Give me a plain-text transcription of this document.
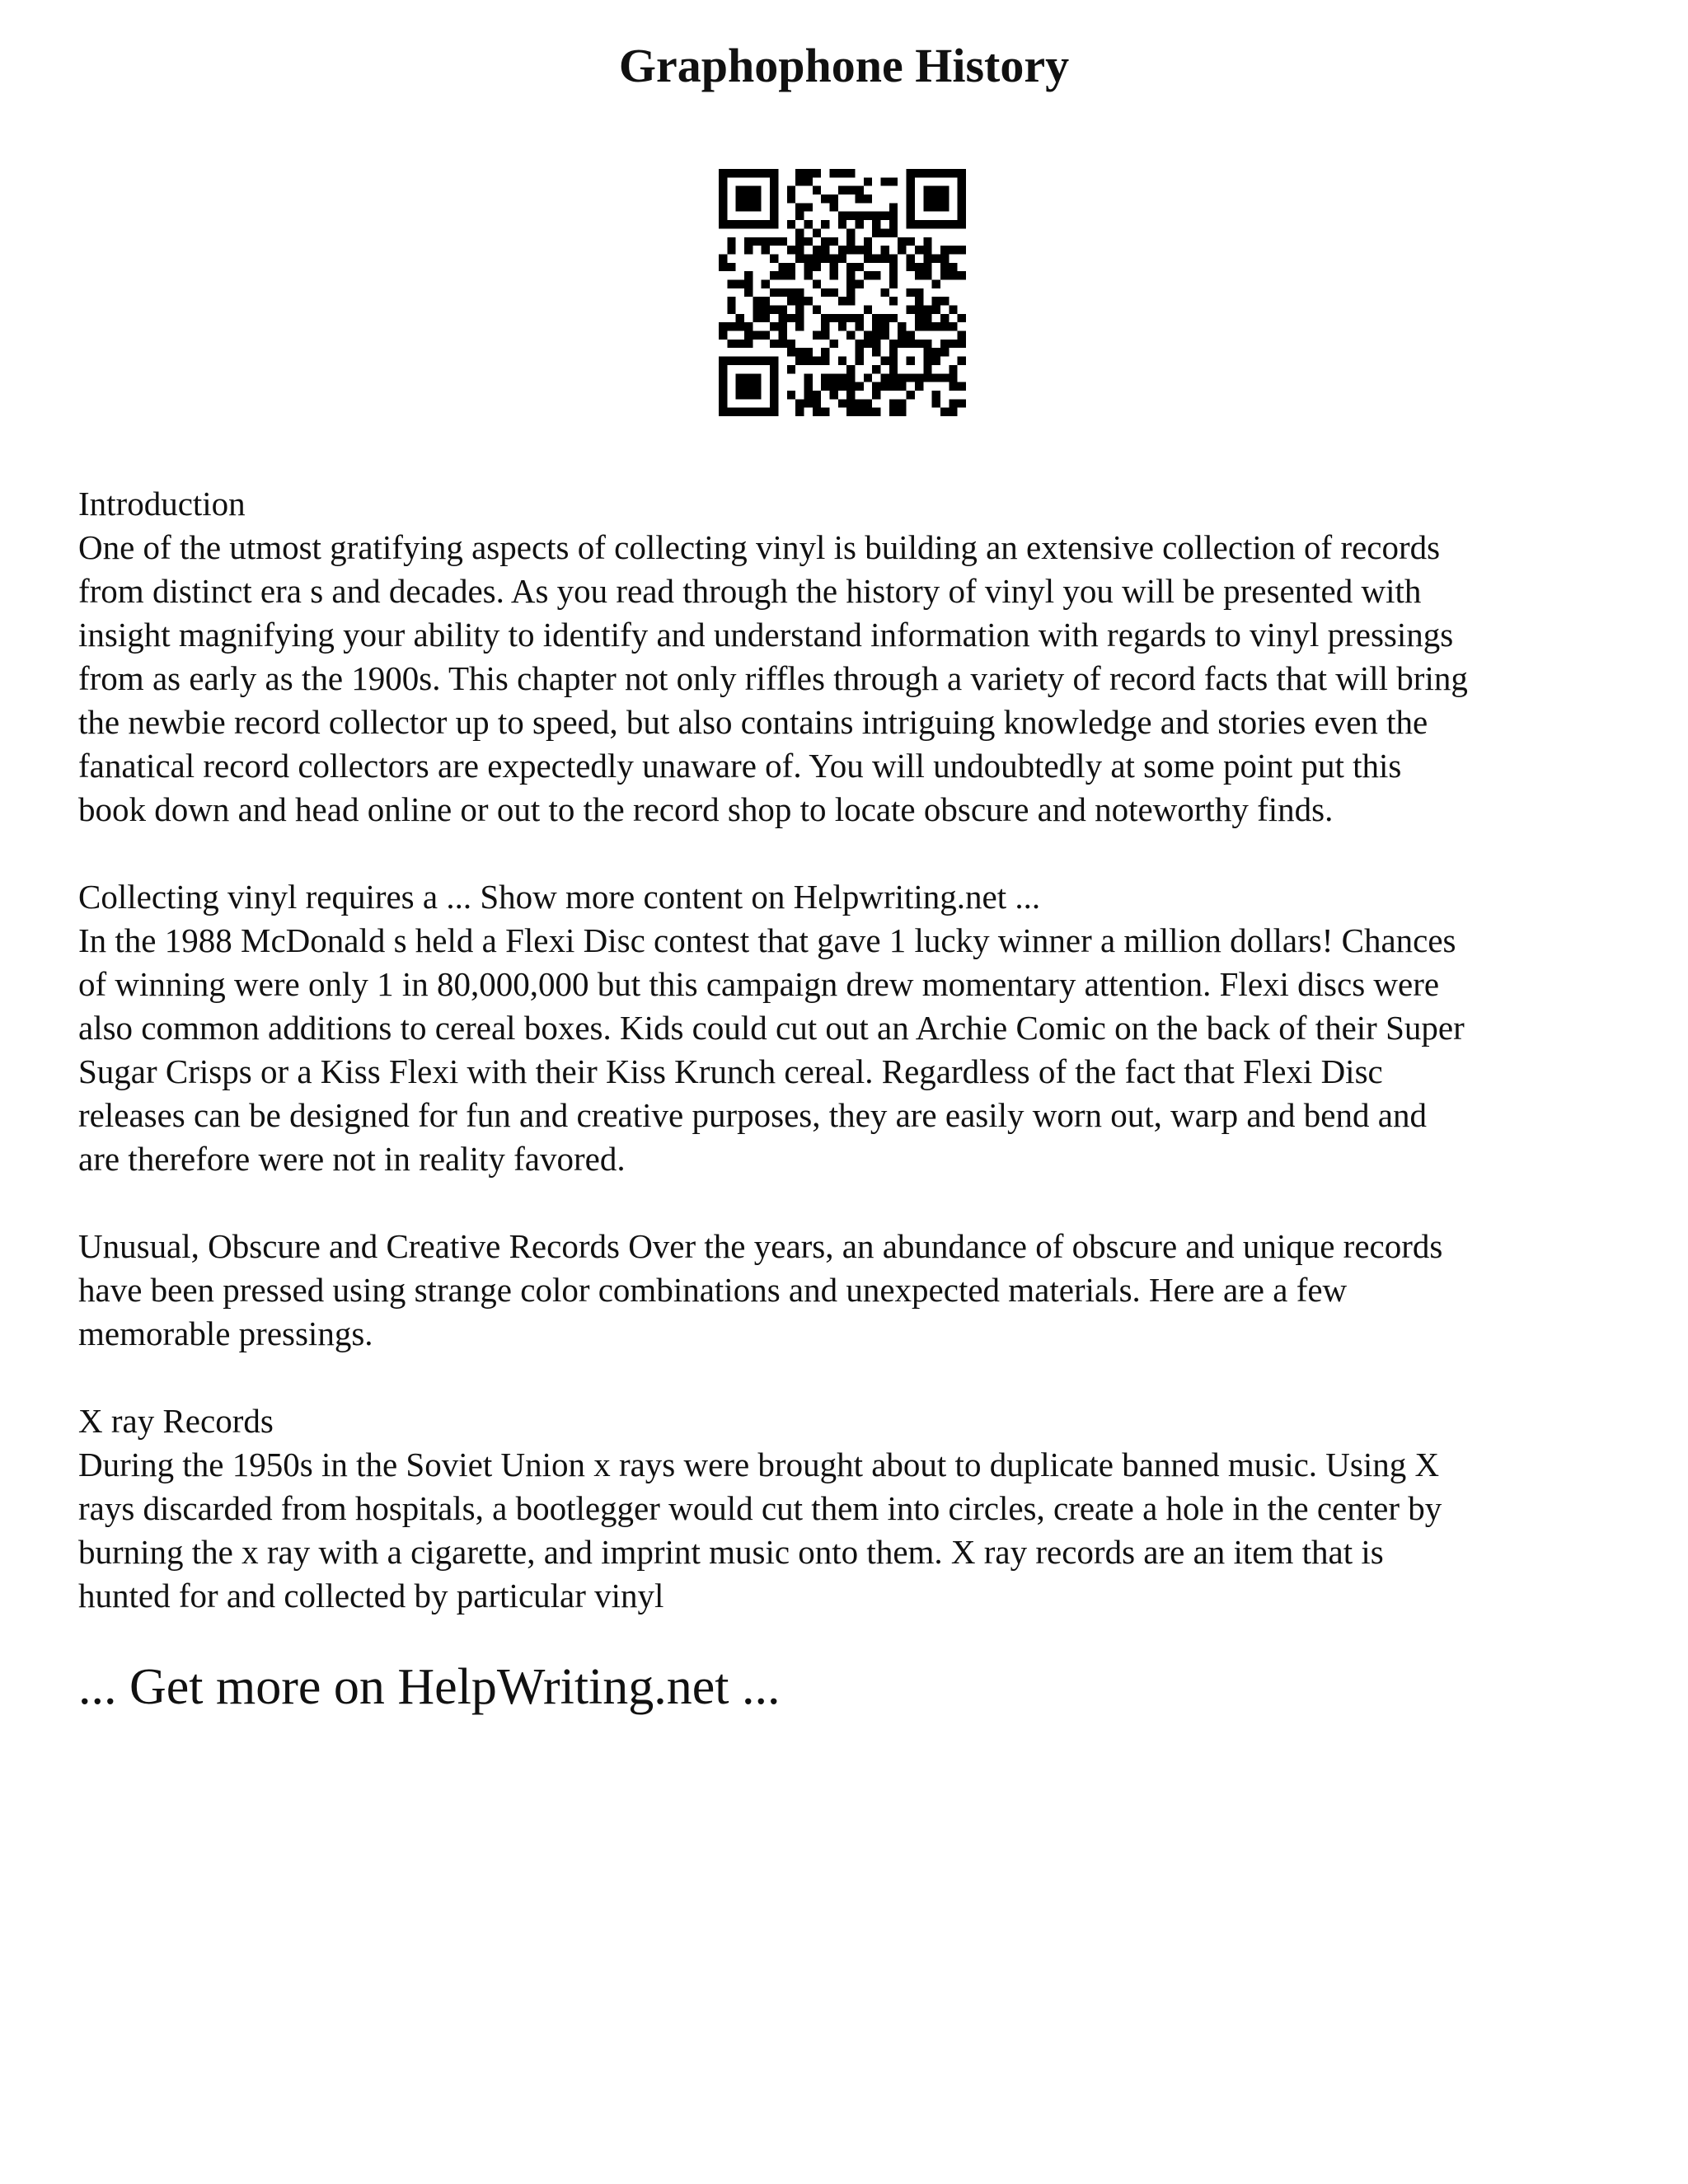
Graphophone History
Introduction
One of the utmost gratifying aspects of collecting vinyl is building an extensive collection of records
from distinct era s and decades. As you read through the history of vinyl you will be presented with
insight magnifying your ability to identify and understand information with regards to vinyl pressings
from as early as the 1900s. This chapter not only riffles through a variety of record facts that will bring
the newbie record collector up to speed, but also contains intriguing knowledge and stories even the
fanatical record collectors are expectedly unaware of. You will undoubtedly at some point put this
book down and head online or out to the record shop to locate obscure and noteworthy finds.
Collecting vinyl requires a ... Show more content on Helpwriting.net ...
In the 1988 McDonald s held a Flexi Disc contest that gave 1 lucky winner a million dollars! Chances
of winning were only 1 in 80,000,000 but this campaign drew momentary attention. Flexi discs were
also common additions to cereal boxes. Kids could cut out an Archie Comic on the back of their Super
Sugar Crisps or a Kiss Flexi with their Kiss Krunch cereal. Regardless of the fact that Flexi Disc
releases can be designed for fun and creative purposes, they are easily worn out, warp and bend and
are therefore were not in reality favored.
Unusual, Obscure and Creative Records Over the years, an abundance of obscure and unique records
have been pressed using strange color combinations and unexpected materials. Here are a few
memorable pressings.
X ray Records
During the 1950s in the Soviet Union x rays were brought about to duplicate banned music. Using X
rays discarded from hospitals, a bootlegger would cut them into circles, create a hole in the center by
burning the x ray with a cigarette, and imprint music onto them. X ray records are an item that is
hunted for and collected by particular vinyl
... Get more on HelpWriting.net ...
